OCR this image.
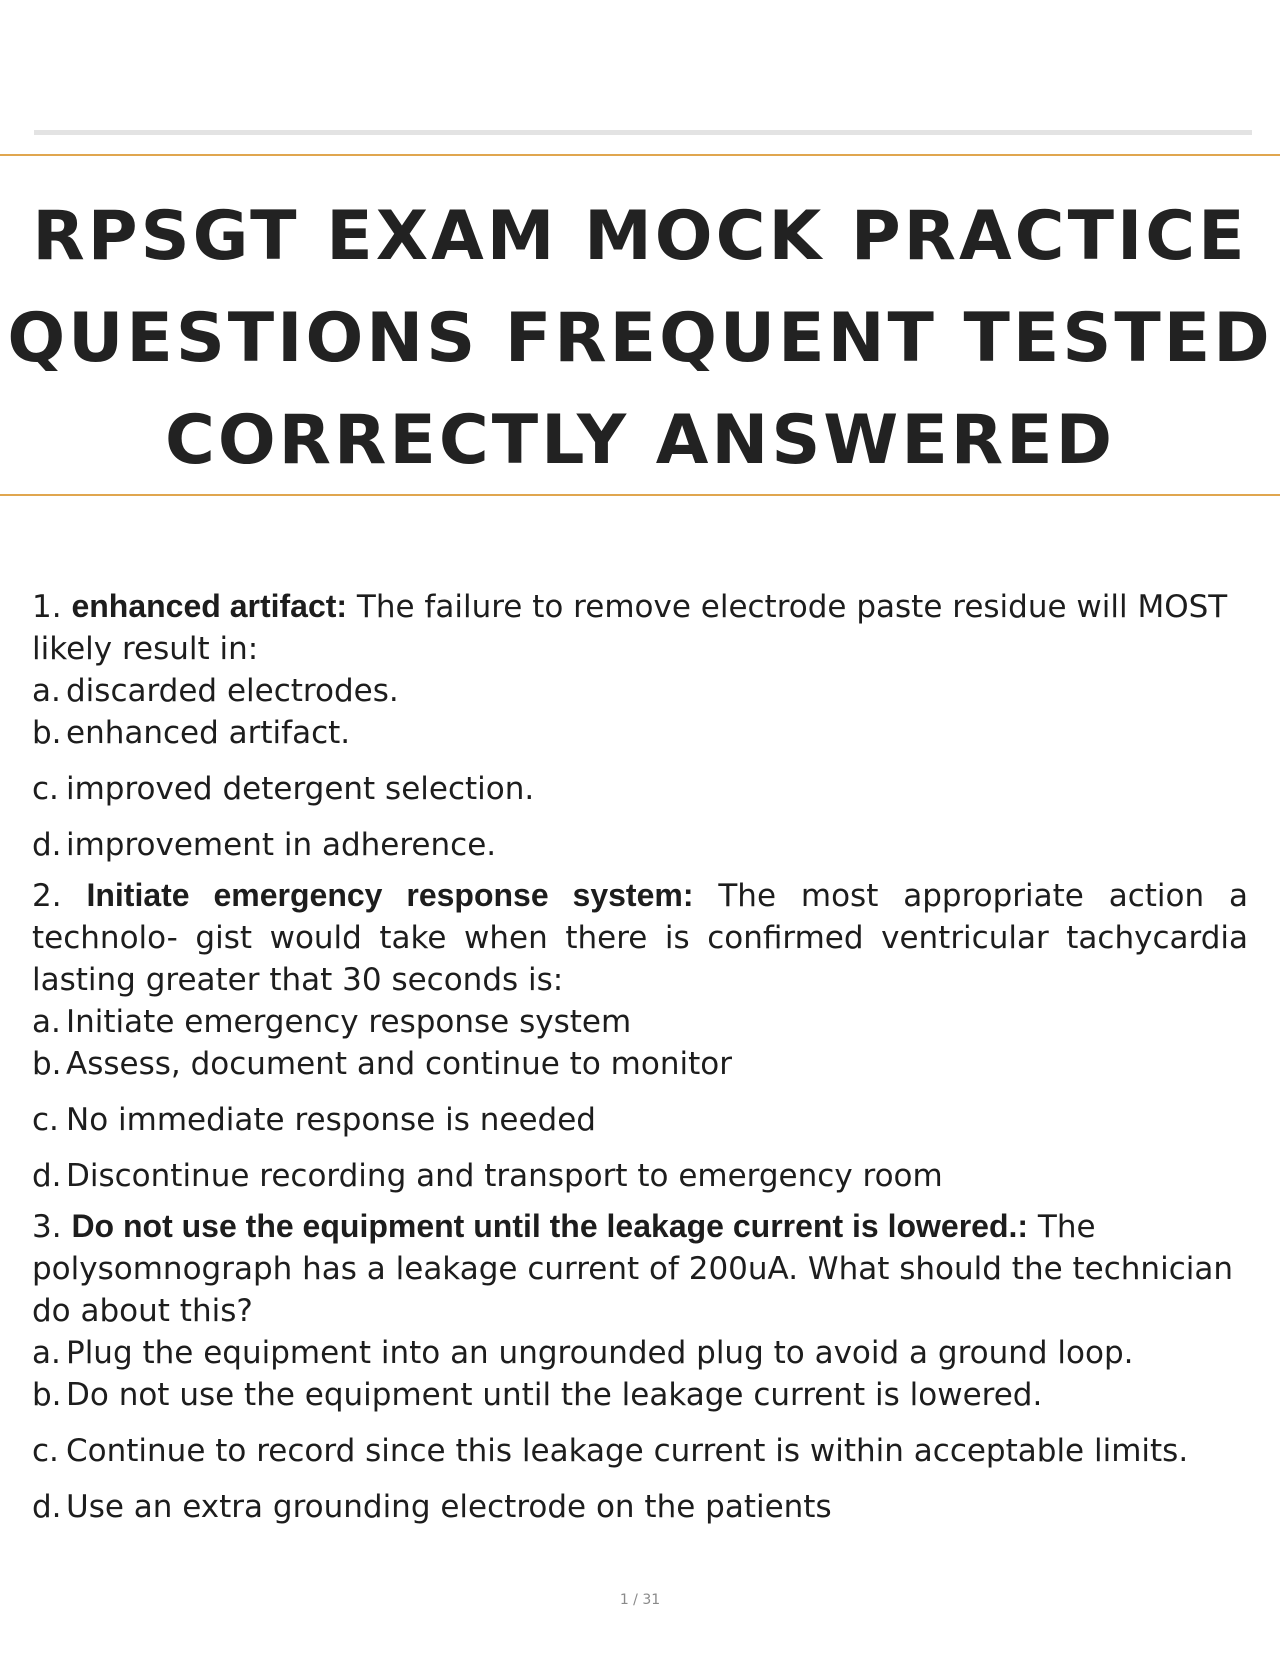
RPSGT EXAM MOCK PRACTICE
QUESTIONS FREQUENT TESTED
CORRECTLY ANSWERED

1. enhanced artifact: The failure to remove electrode paste residue will MOST likely result in:

a. discarded electrodes.
b. enhanced artifact.
c. improved detergent selection.
d. improvement in adherence.

2. Initiate emergency response system: The most appropriate action a technolo- gist would take when there is confirmed ventricular tachycardia lasting greater that 30 seconds is:

a. Initiate emergency response system
b. Assess, document and continue to monitor
c. No immediate response is needed
d. Discontinue recording and transport to emergency room

3. Do not use the equipment until the leakage current is lowered.: The polysomnograph has a leakage current of 200uA. What should the technician do about this?

a. Plug the equipment into an ungrounded plug to avoid a ground loop.
b. Do not use the equipment until the leakage current is lowered.
c. Continue to record since this leakage current is within acceptable limits.
d. Use an extra grounding electrode on the patients
1 / 31
